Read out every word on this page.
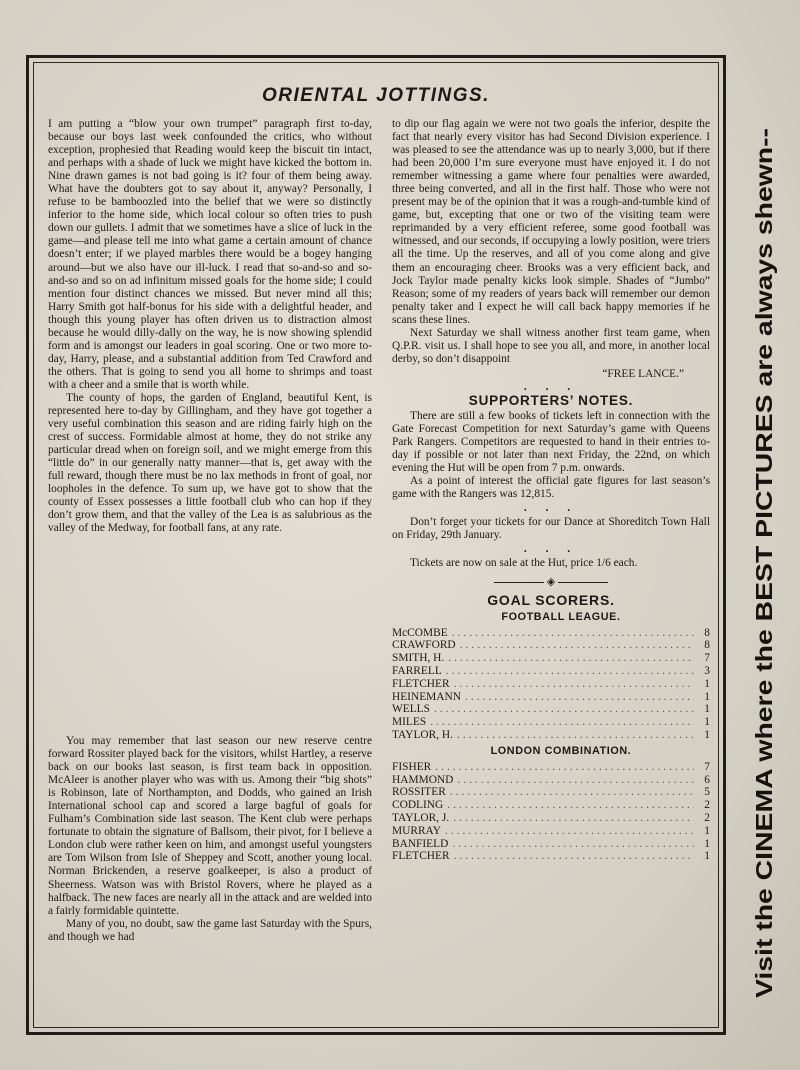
ORIENTAL JOTTINGS.

I am putting a “blow your own trumpet” paragraph first to-day, because our boys last week confounded the critics, who without exception, prophesied that Reading would keep the biscuit tin intact, and perhaps with a shade of luck we might have kicked the bottom in. Nine drawn games is not bad going is it? four of them being away. What have the doubters got to say about it, anyway? Personally, I refuse to be bamboozled into the belief that we were so distinctly inferior to the home side, which local colour so often tries to push down our gullets. I admit that we sometimes have a slice of luck in the game—and please tell me into what game a certain amount of chance doesn’t enter; if we played marbles there would be a bogey hanging around—but we also have our ill-luck. I read that so-and-so and so-and-so and so on ad infinitum missed goals for the home side; I could mention four distinct chances we missed. But never mind all this; Harry Smith got half-bonus for his side with a delightful header, and though this young player has often driven us to distraction almost because he would dilly-dally on the way, he is now showing splendid form and is amongst our leaders in goal scoring. One or two more to-day, Harry, please, and a substantial addition from Ted Crawford and the others. That is going to send you all home to shrimps and toast with a cheer and a smile that is worth while.

The county of hops, the garden of England, beautiful Kent, is represented here to-day by Gillingham, and they have got together a very useful combination this season and are riding fairly high on the crest of success. Formidable almost at home, they do not strike any particular dread when on foreign soil, and we might emerge from this “little do” in our generally natty manner—that is, get away with the full reward, though there must be no lax methods in front of goal, nor loopholes in the defence. To sum up, we have got to show that the county of Essex possesses a little football club who can hop if they don’t grow them, and that the valley of the Lea is as salubrious as the valley of the Medway, for football fans, at any rate.

You may remember that last season our new reserve centre forward Rossiter played back for the visitors, whilst Hartley, a reserve back on our books last season, is first team back in opposition. McAleer is another player who was with us. Among their “big shots” is Robinson, late of Northampton, and Dodds, who gained an Irish International school cap and scored a large bagful of goals for Fulham’s Combination side last season. The Kent club were perhaps fortunate to obtain the signature of Ballsom, their pivot, for I believe a London club were rather keen on him, and amongst useful youngsters are Tom Wilson from Isle of Sheppey and Scott, another young local. Norman Brickenden, a reserve goalkeeper, is also a product of Sheerness. Watson was with Bristol Rovers, where he played as a halfback. The new faces are nearly all in the attack and are welded into a fairly formidable quintette.

Many of you, no doubt, saw the game last Saturday with the Spurs, and though we had

to dip our flag again we were not two goals the inferior, despite the fact that nearly every visitor has had Second Division experience. I was pleased to see the attendance was up to nearly 3,000, but if there had been 20,000 I’m sure everyone must have enjoyed it. I do not remember witnessing a game where four penalties were awarded, three being converted, and all in the first half. Those who were not present may be of the opinion that it was a rough-and-tumble kind of game, but, excepting that one or two of the visiting team were reprimanded by a very efficient referee, some good football was witnessed, and our seconds, if occupying a lowly position, were triers all the time. Up the reserves, and all of you come along and give them an encouraging cheer. Brooks was a very efficient back, and Jock Taylor made penalty kicks look simple. Shades of “Jumbo” Reason; some of my readers of years back will remember our demon penalty taker and I expect he will call back happy memories if he scans these lines.

Next Saturday we shall witness another first team game, when Q.P.R. visit us. I shall hope to see you all, and more, in another local derby, so don’t disappoint

“FREE LANCE.”
. . .
SUPPORTERS’ NOTES.

There are still a few books of tickets left in connection with the Gate Forecast Competition for next Saturday’s game with Queens Park Rangers. Competitors are requested to hand in their entries to-day if possible or not later than next Friday, the 22nd, on which evening the Hut will be open from 7 p.m. onwards.

As a point of interest the official gate figures for last season’s game with the Rangers was 12,815.

. . .

Don’t forget your tickets for our Dance at Shoreditch Town Hall on Friday, 29th January.

. . .

Tickets are now on sale at the Hut, price 1/6 each.

◈
GOAL SCORERS.
FOOTBALL LEAGUE.
McCOMBE .....	8
CRAWFORD .....	8
SMITH, H. .....	7
FARRELL .....	3
FLETCHER .....	1
HEINEMANN .....	1
WELLS .....	1
MILES .....	1
TAYLOR, H. .....	1
LONDON COMBINATION.
FISHER .....	7
HAMMOND .....	6
ROSSITER .....	5
CODLING .....	2
TAYLOR, J. .....	2
MURRAY .....	1
BANFIELD .....	1
FLETCHER .....	1 Visit the CINEMA where the BEST PICTURES are always shewn--
